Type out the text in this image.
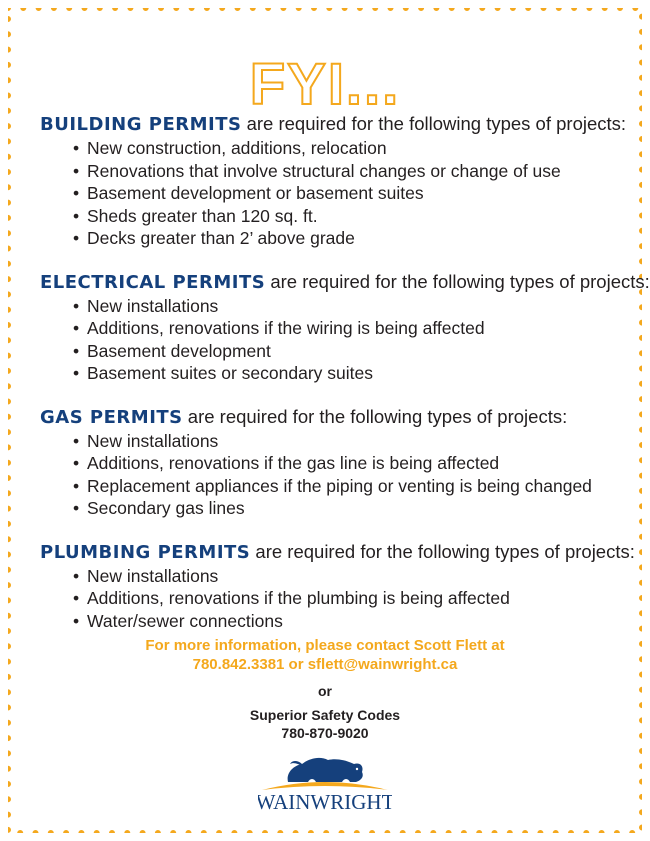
FYI...
BUILDING PERMITS are required for the following types of projects:
• New construction, additions, relocation
• Renovations that involve structural changes or change of use
• Basement development or basement suites
• Sheds greater than 120 sq. ft.
• Decks greater than 2’ above grade
ELECTRICAL PERMITS are required for the following types of projects:
• New installations
• Additions, renovations if the wiring is being affected
• Basement development
• Basement suites or secondary suites
GAS PERMITS are required for the following types of projects:
• New installations
• Additions, renovations if the gas line is being affected
• Replacement appliances if the piping or venting is being changed
• Secondary gas lines
PLUMBING PERMITS are required for the following types of projects:
• New installations
• Additions, renovations if the plumbing is being affected
• Water/sewer connections
For more information, please contact Scott Flett at
780.842.3381 or sflett@wainwright.ca
or
Superior Safety Codes
780-870-9020
WAINWRIGHT
